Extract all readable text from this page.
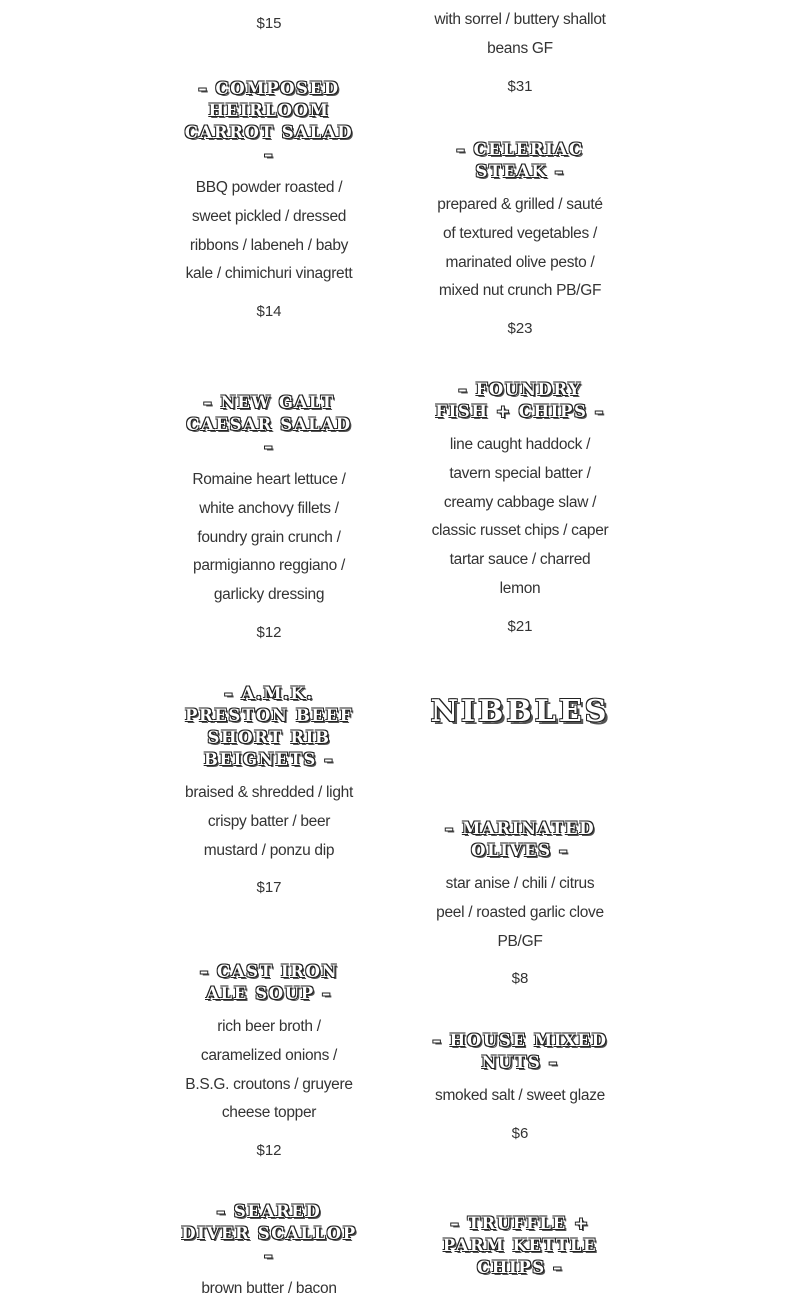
$15

– COMPOSED HEIRLOOM CARROT SALAD –

BBQ powder roasted / sweet pickled / dressed ribbons / labeneh / baby kale / chimichuri vinagrett

$14

– NEW GALT CAESAR SALAD –

Romaine heart lettuce / white anchovy fillets / foundry grain crunch / parmigianno reggiano / garlicky dressing

$12

– A.M.K. PRESTON BEEF SHORT RIB BEIGNETS –

braised & shredded / light crispy batter / beer mustard / ponzu dip

$17

– CAST IRON ALE SOUP –

rich beer broth / caramelized onions / B.S.G. croutons / gruyere cheese topper

$12

– SEARED DIVER SCALLOP –

brown butter / bacon

with sorrel / buttery shallot beans GF

$31

– CELERIAC STEAK –

prepared & grilled / sauté of textured vegetables / marinated olive pesto / mixed nut crunch PB/GF

$23

– FOUNDRY FISH + CHIPS –

line caught haddock / tavern special batter / creamy cabbage slaw / classic russet chips / caper tartar sauce / charred lemon

$21

NIBBLES
– MARINATED OLIVES –

star anise / chili / citrus peel / roasted garlic clove PB/GF

$8

– HOUSE MIXED NUTS –

smoked salt / sweet glaze

$6

– TRUFFLE + PARM KETTLE CHIPS –
